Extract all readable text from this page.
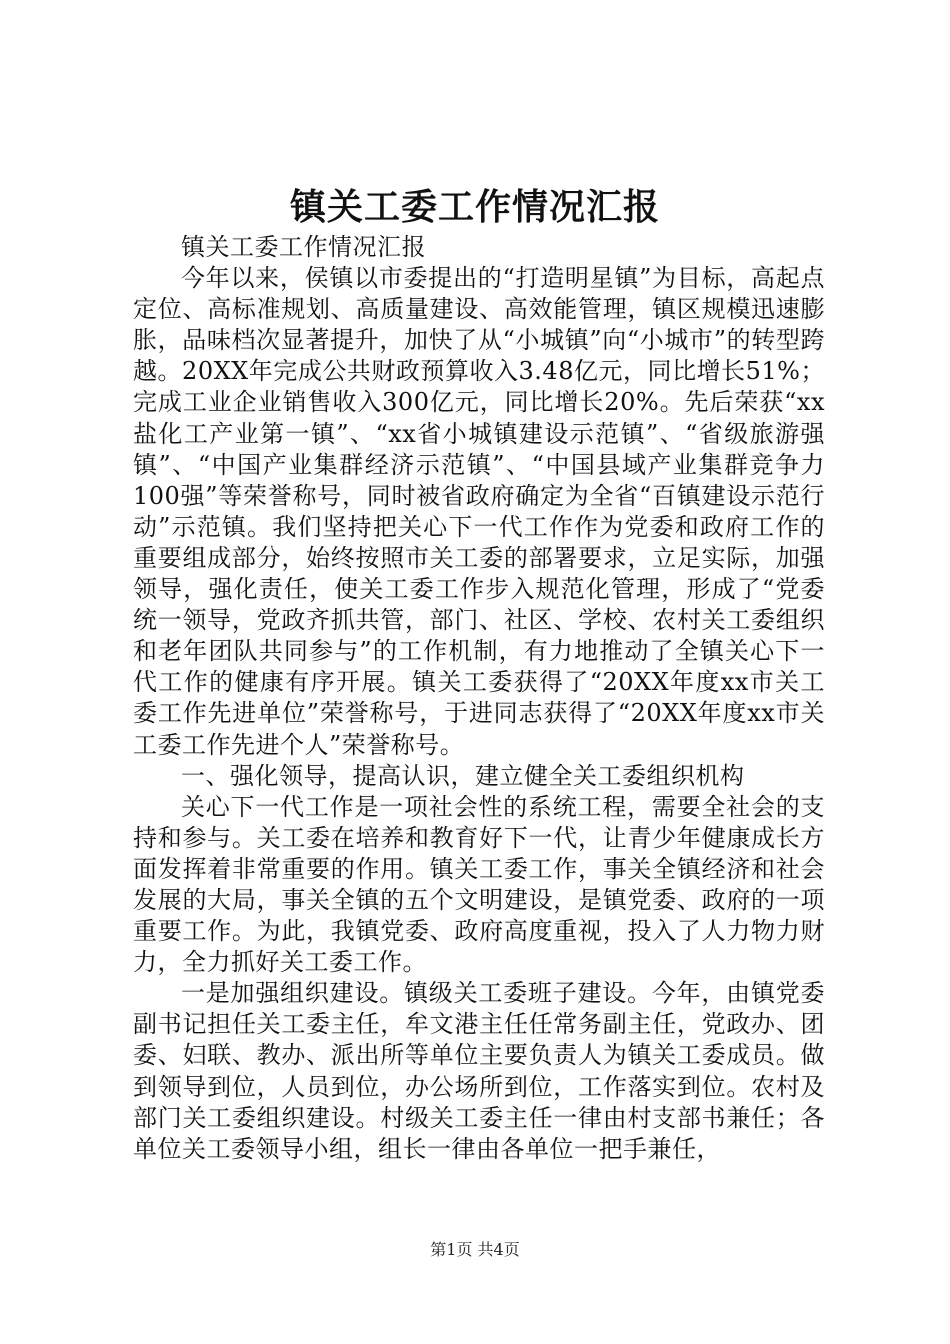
镇关工委工作情况汇报

镇关工委工作情况汇报

今年以来，侯镇以市委提出的“打造明星镇”为目标，高起点定位、高标准规划、高质量建设、高效能管理，镇区规模迅速膨胀，品味档次显著提升，加快了从“小城镇”向“小城市”的转型跨越。20XX年完成公共财政预算收入3.48亿元，同比增长51%；完成工业企业销售收入300亿元，同比增长20%。先后荣获“xx盐化工产业第一镇”、“xx省小城镇建设示范镇”、“省级旅游强镇”、“中国产业集群经济示范镇”、“中国县域产业集群竞争力100强”等荣誉称号，同时被省政府确定为全省“百镇建设示范行动”示范镇。我们坚持把关心下一代工作作为党委和政府工作的重要组成部分，始终按照市关工委的部署要求，立足实际，加强领导，强化责任，使关工委工作步入规范化管理，形成了“党委统一领导，党政齐抓共管，部门、社区、学校、农村关工委组织和老年团队共同参与”的工作机制，有力地推动了全镇关心下一代工作的健康有序开展。镇关工委获得了“20XX年度xx市关工委工作先进单位”荣誉称号，于进同志获得了“20XX年度xx市关工委工作先进个人”荣誉称号。

一、强化领导，提高认识，建立健全关工委组织机构

关心下一代工作是一项社会性的系统工程，需要全社会的支持和参与。关工委在培养和教育好下一代，让青少年健康成长方面发挥着非常重要的作用。镇关工委工作，事关全镇经济和社会发展的大局，事关全镇的五个文明建设，是镇党委、政府的一项重要工作。为此，我镇党委、政府高度重视，投入了人力物力财力，全力抓好关工委工作。

一是加强组织建设。镇级关工委班子建设。今年，由镇党委副书记担任关工委主任，牟文港主任任常务副主任，党政办、团委、妇联、教办、派出所等单位主要负责人为镇关工委成员。做到领导到位，人员到位，办公场所到位，工作落实到位。农村及部门关工委组织建设。村级关工委主任一律由村支部书兼任；各单位关工委领导小组，组长一律由各单位一把手兼任，

第1页 共4页
